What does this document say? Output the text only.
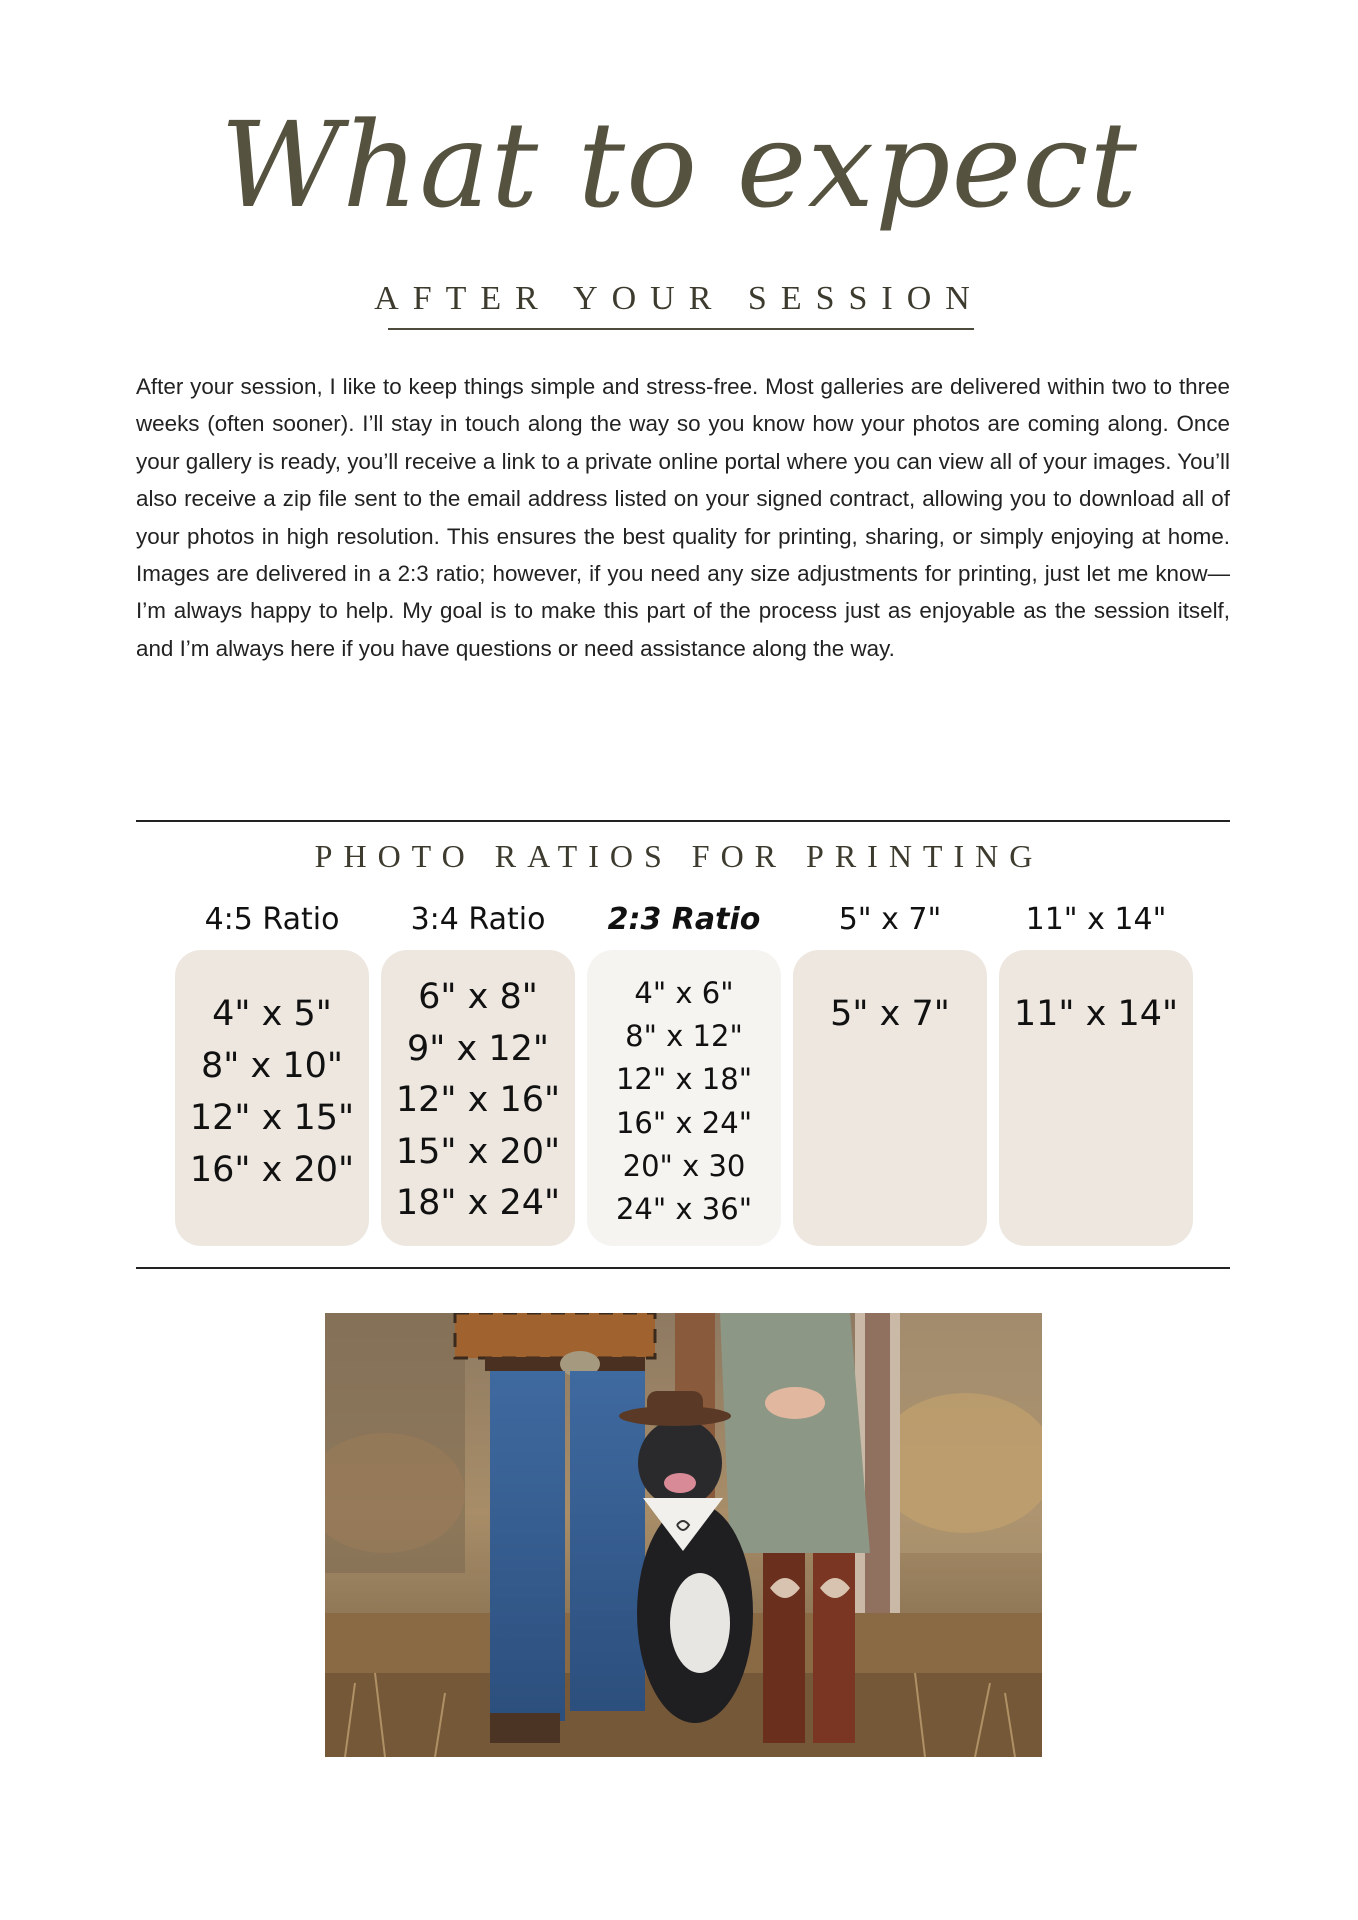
What to expect
AFTER YOUR SESSION

After your session, I like to keep things simple and stress-free. Most galleries are delivered within two to three weeks (often sooner). I’ll stay in touch along the way so you know how your photos are coming along. Once your gallery is ready, you’ll receive a link to a private online portal where you can view all of your images. You’ll also receive a zip file sent to the email address listed on your signed contract, allowing you to download all of your photos in high resolution. This ensures the best quality for printing, sharing, or simply enjoying at home. Images are delivered in a 2:3 ratio; however, if you need any size adjustments for printing, just let me know—I’m always happy to help. My goal is to make this part of the process just as enjoyable as the session itself, and I’m always here if you have questions or need assistance along the way.

PHOTO RATIOS FOR PRINTING
4:5 Ratio
4" x 5"
8" x 10"
12" x 15"
16" x 20"
3:4 Ratio
6" x 8"
9" x 12"
12" x 16"
15" x 20"
18" x 24"
2:3 Ratio
4" x 6"
8" x 12"
12" x 18"
16" x 24"
20" x 30
24" x 36"
5" x 7"
5" x 7"
11" x 14"
11" x 14"
